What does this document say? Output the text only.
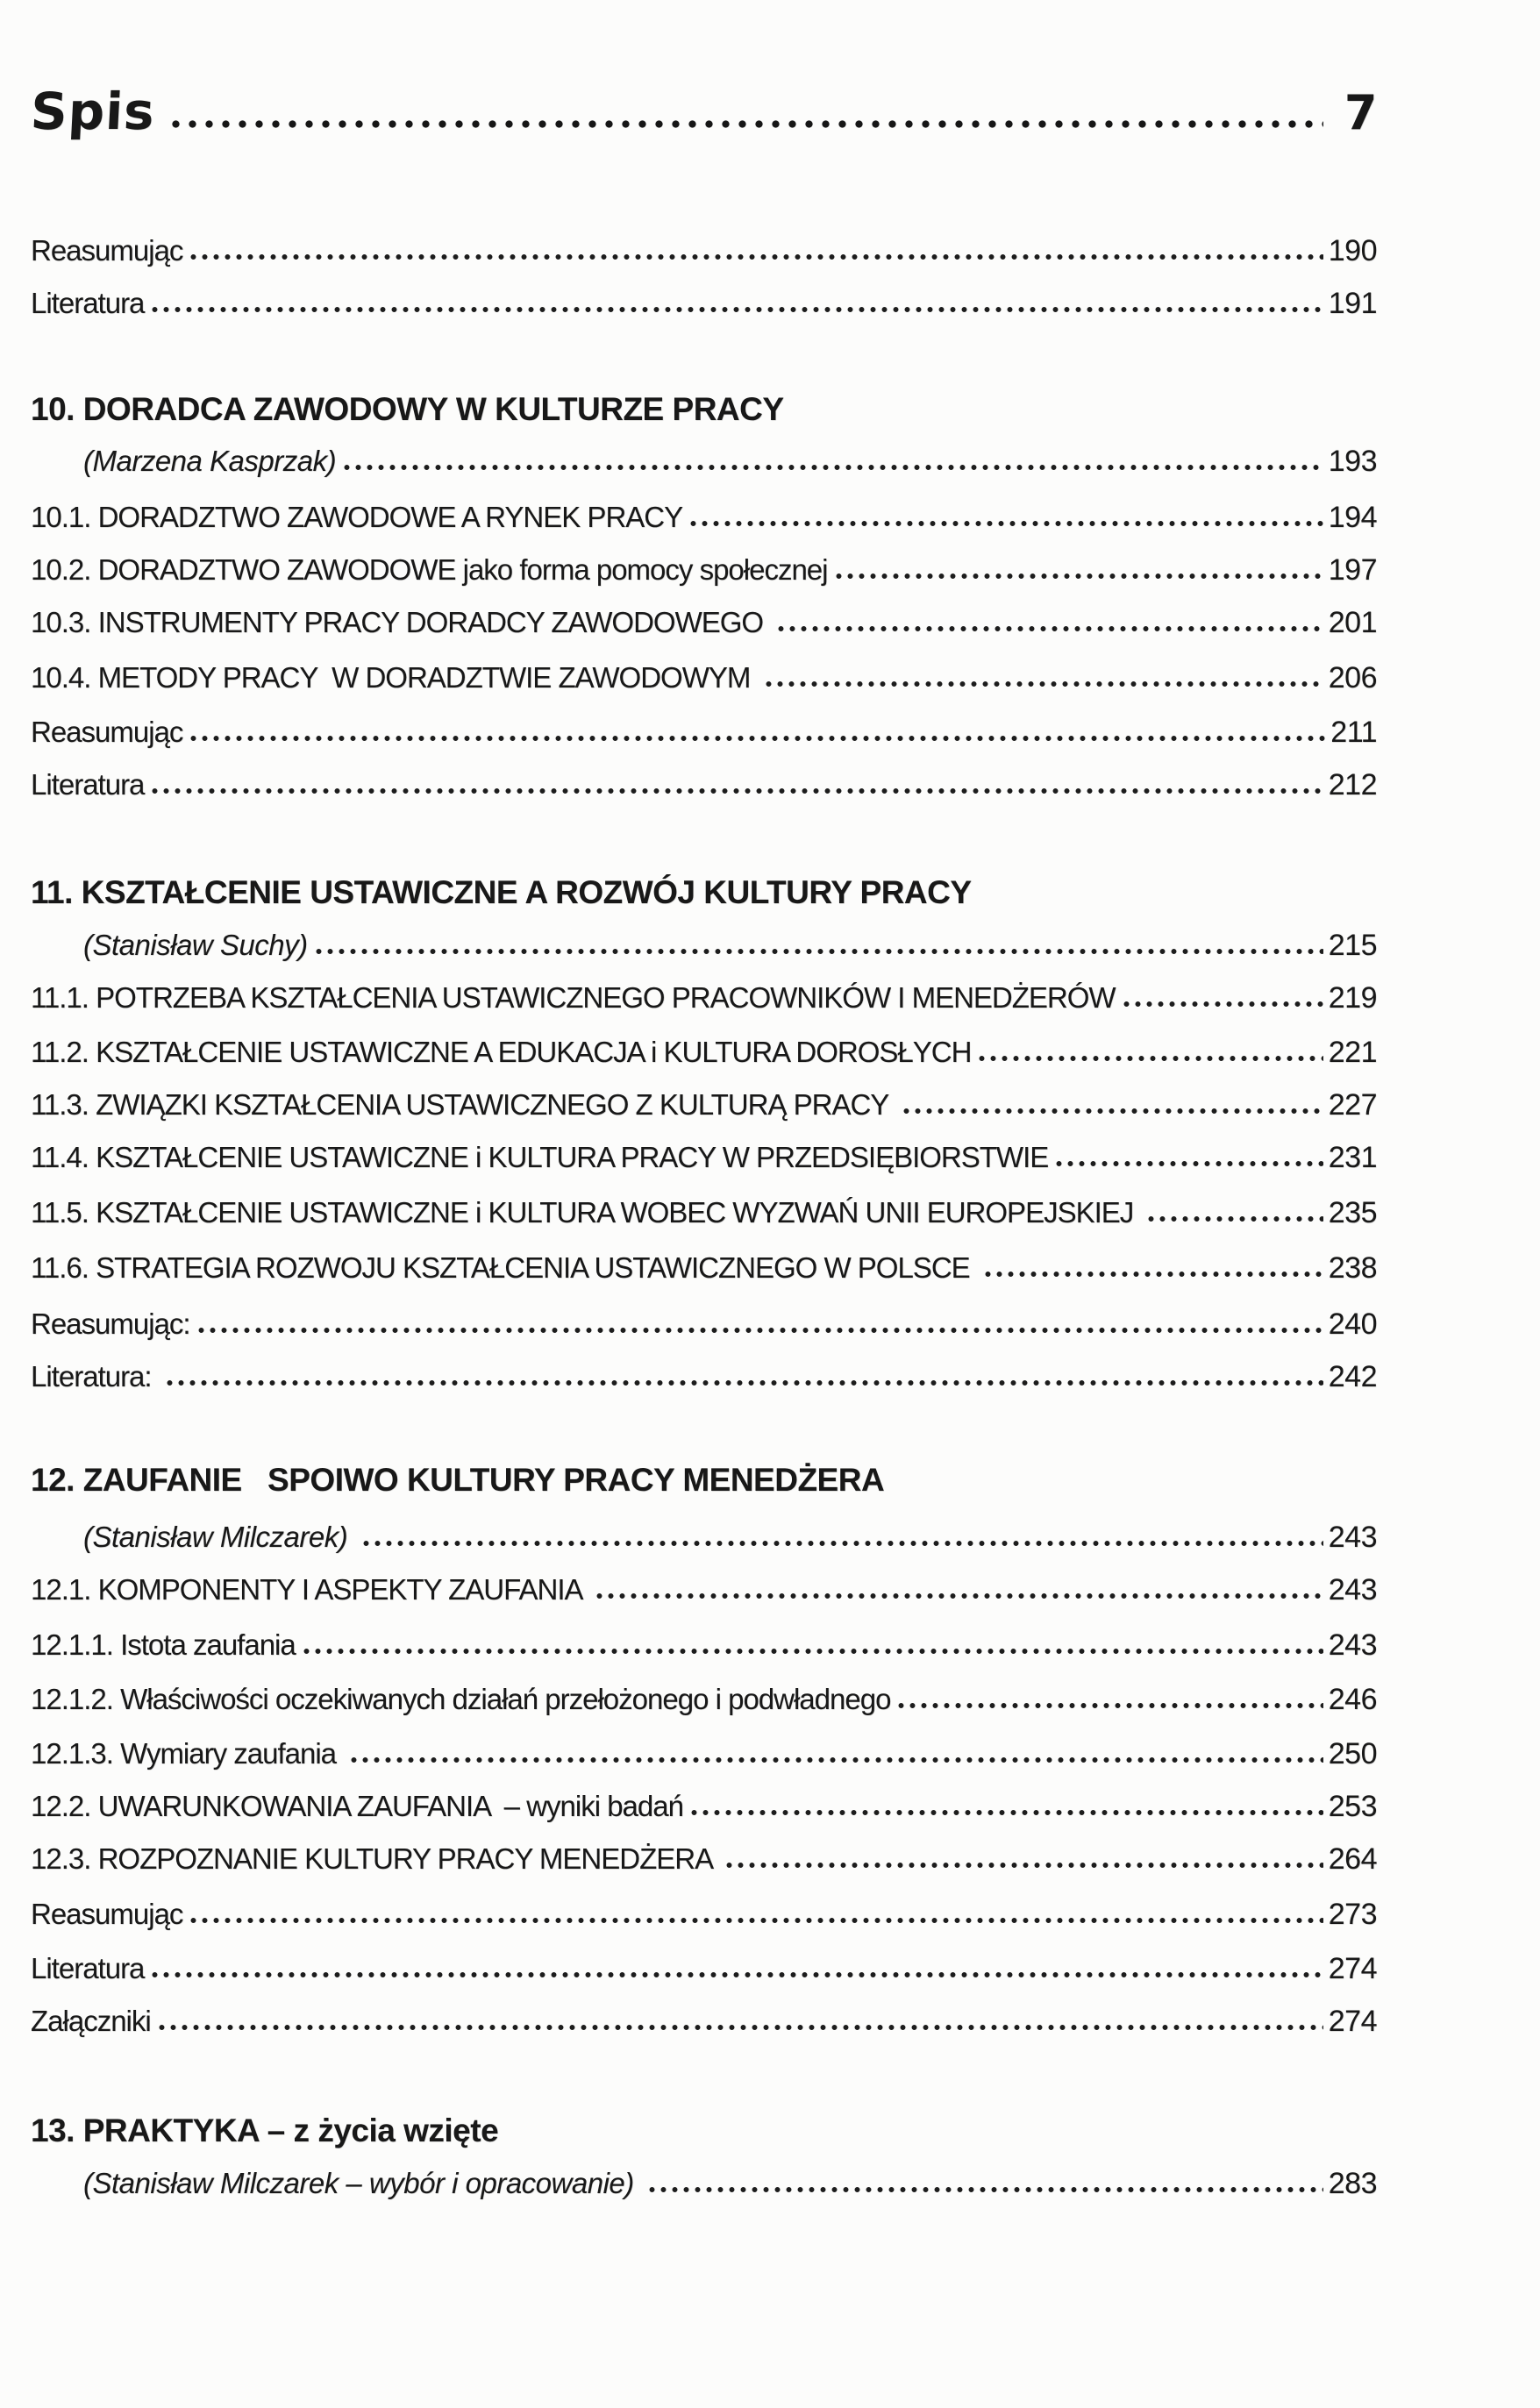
Spis	7
Reasumując	190
Literatura	191
10. DORADCA ZAWODOWY W KULTURZE PRACY
(Marzena Kasprzak)	193
10.1. DORADZTWO ZAWODOWE A RYNEK PRACY	194
10.2. DORADZTWO ZAWODOWE jako forma pomocy społecznej	197
10.3. INSTRUMENTY PRACY DORADCY ZAWODOWEGO	201
10.4. METODY PRACY  W DORADZTWIE ZAWODOWYM	206
Reasumując	211
Literatura	212
11. KSZTAŁCENIE USTAWICZNE A ROZWÓJ KULTURY PRACY
(Stanisław Suchy)	215
11.1. POTRZEBA KSZTAŁCENIA USTAWICZNEGO PRACOWNIKÓW I MENEDŻERÓW	219
11.2. KSZTAŁCENIE USTAWICZNE A EDUKACJA i KULTURA DOROSŁYCH	221
11.3. ZWIĄZKI KSZTAŁCENIA USTAWICZNEGO Z KULTURĄ PRACY	227
11.4. KSZTAŁCENIE USTAWICZNE i KULTURA PRACY W PRZEDSIĘBIORSTWIE	231
11.5. KSZTAŁCENIE USTAWICZNE i KULTURA WOBEC WYZWAŃ UNII EUROPEJSKIEJ	235
11.6. STRATEGIA ROZWOJU KSZTAŁCENIA USTAWICZNEGO W POLSCE	238
Reasumując:	240
Literatura:	242
12. ZAUFANIE   SPOIWO KULTURY PRACY MENEDŻERA
(Stanisław Milczarek)	243
12.1. KOMPONENTY I ASPEKTY ZAUFANIA	243
12.1.1. Istota zaufania	243
12.1.2. Właściwości oczekiwanych działań przełożonego i podwładnego	246
12.1.3. Wymiary zaufania	250
12.2. UWARUNKOWANIA ZAUFANIA  – wyniki badań	253
12.3. ROZPOZNANIE KULTURY PRACY MENEDŻERA	264
Reasumując	273
Literatura	274
Załączniki	274
13. PRAKTYKA – z życia wzięte
(Stanisław Milczarek – wybór i opracowanie)	283
